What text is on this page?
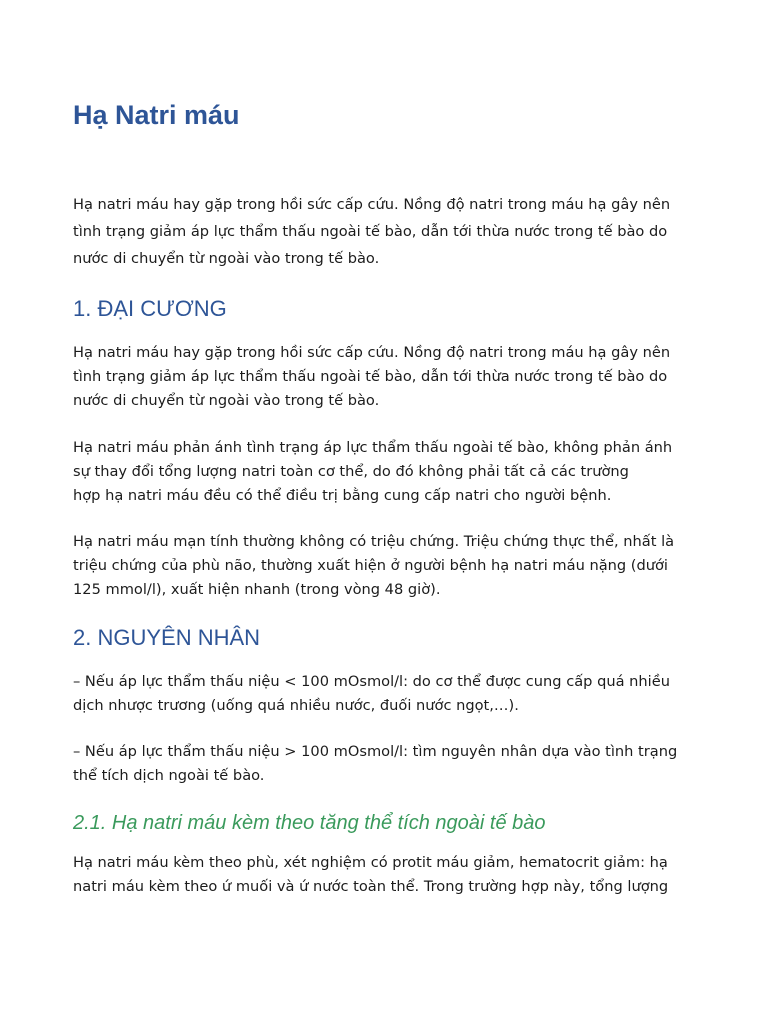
Hạ Natri máu
Hạ natri máu hay gặp trong hồi sức cấp cứu. Nồng độ natri trong máu hạ gây nên
tình trạng giảm áp lực thẩm thấu ngoài tế bào, dẫn tới thừa nước trong tế bào do
nước di chuyển từ ngoài vào trong tế bào.
1. ĐẠI CƯƠNG
Hạ natri máu hay gặp trong hồi sức cấp cứu. Nồng độ natri trong máu hạ gây nên
tình trạng giảm áp lực thẩm thấu ngoài tế bào, dẫn tới thừa nước trong tế bào do
nước di chuyển từ ngoài vào trong tế bào.
Hạ natri máu phản ánh tình trạng áp lực thẩm thấu ngoài tế bào, không phản ánh
sự thay đổi tổng lượng natri toàn cơ thể, do đó không phải tất cả các trường
hợp hạ natri máu đều có thể điều trị bằng cung cấp natri cho người bệnh.
Hạ natri máu mạn tính thường không có triệu chứng. Triệu chứng thực thể, nhất là
triệu chứng của phù não, thường xuất hiện ở người bệnh hạ natri máu nặng (dưới
125 mmol/l), xuất hiện nhanh (trong vòng 48 giờ).
2. NGUYÊN NHÂN
– Nếu áp lực thẩm thấu niệu < 100 mOsmol/l: do cơ thể được cung cấp quá nhiều
dịch nhược trương (uống quá nhiều nước, đuối nước ngọt,…).
– Nếu áp lực thẩm thấu niệu > 100 mOsmol/l: tìm nguyên nhân dựa vào tình trạng
thể tích dịch ngoài tế bào.
2.1. Hạ natri máu kèm theo tăng thể tích ngoài tế bào
Hạ natri máu kèm theo phù, xét nghiệm có protit máu giảm, hematocrit giảm: hạ
natri máu kèm theo ứ muối và ứ nước toàn thể. Trong trường hợp này, tổng lượng
